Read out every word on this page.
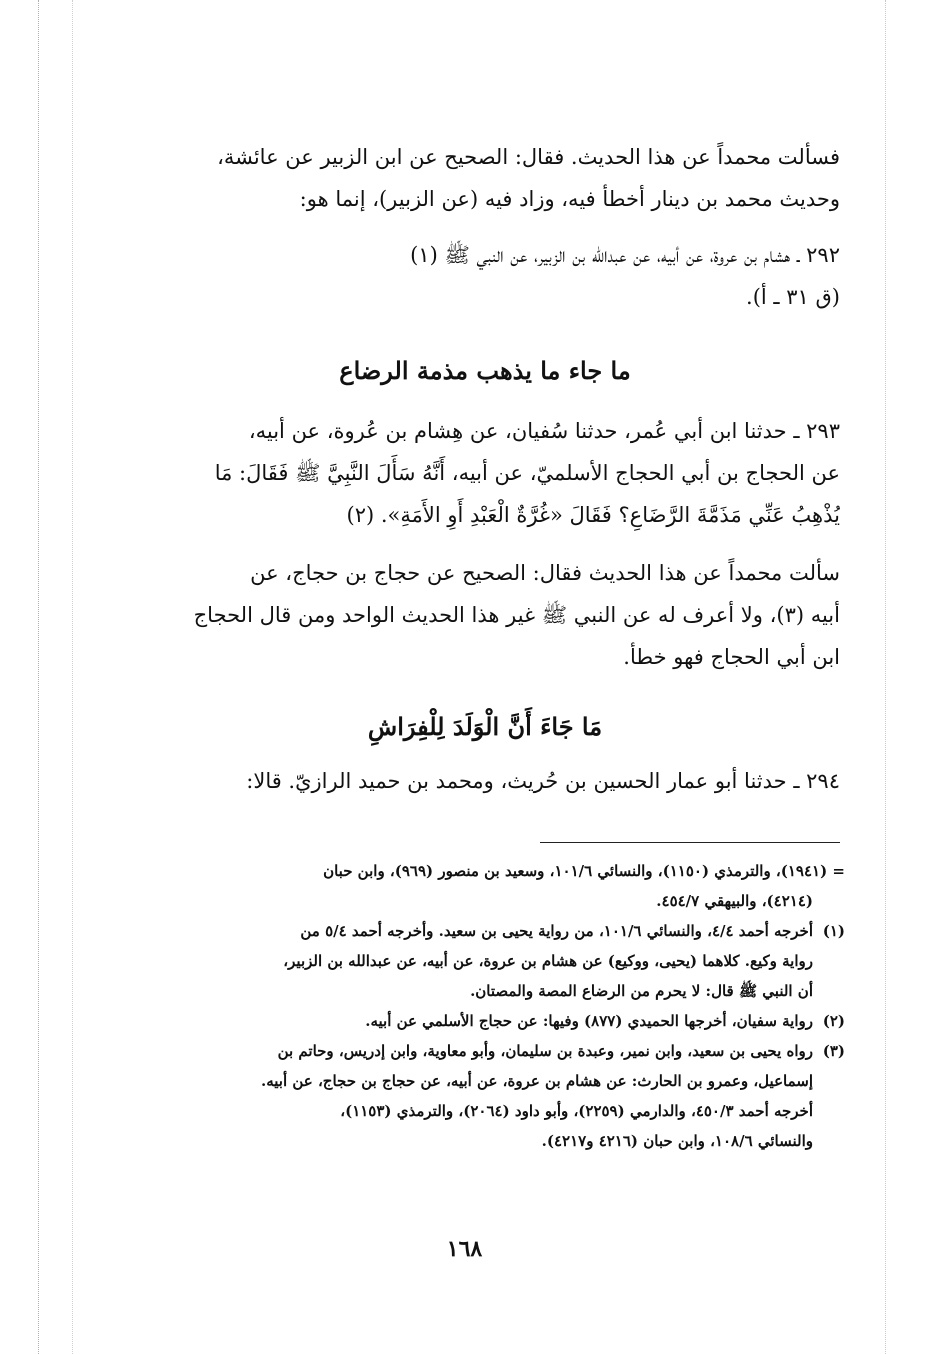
فسألت محمداً عن هذا الحديث. فقال: الصحيح عن ابن الزبير عن عائشة،
وحديث محمد بن دينار أخطأ فيه، وزاد فيه (عن الزبير)، إنما هو:
٢٩٢ ـ هشام بن عروة، عن أبيه، عن عبدالله بن الزبير، عن النبي ﷺ (١)
(ق ٣١ ـ أ).
ما جاء ما يذهب مذمة الرضاع
٢٩٣ ـ حدثنا ابن أبي عُمر، حدثنا سُفيان، عن هِشام بن عُروة، عن أبيه،
عن الحجاج بن أبي الحجاج الأسلميّ، عن أبيه، أَنَّهُ سَأَلَ النَّبِيَّ ﷺ فَقَالَ: مَا
يُذْهِبُ عَنِّي مَذَمَّةَ الرَّضَاعِ؟ فَقَالَ «غُرَّةٌ الْعَبْدِ أَوِ الأَمَةِ». (٢)
سألت محمداً عن هذا الحديث فقال: الصحيح عن حجاج بن حجاج، عن
أبيه (٣)، ولا أعرف له عن النبي ﷺ غير هذا الحديث الواحد ومن قال الحجاج
ابن أبي الحجاج فهو خطأ.
مَا جَاءَ أَنَّ الْوَلَدَ لِلْفِرَاشِ
٢٩٤ ـ حدثنا أبو عمار الحسين بن حُريث، ومحمد بن حميد الرازيّ. قالا:
= (١٩٤١)، والترمذي (١١٥٠)، والنسائي ١٠١/٦، وسعيد بن منصور (٩٦٩)، وابن حبان
(٤٢١٤)، والبيهقي ٤٥٤/٧.
(١)أخرجه أحمد ٤/٤، والنسائي ١٠١/٦، من رواية يحيى بن سعيد. وأخرجه أحمد ٥/٤ من
رواية وكيع. كلاهما (يحيى، ووكيع) عن هشام بن عروة، عن أبيه، عن عبدالله بن الزبير،
أن النبي ﷺ قال: لا يحرم من الرضاع المصة والمصتان.
(٢)رواية سفيان، أخرجها الحميدي (٨٧٧) وفيها: عن حجاج الأسلمي عن أبيه.
(٣)رواه يحيى بن سعيد، وابن نمير، وعبدة بن سليمان، وأبو معاوية، وابن إدريس، وحاتم بن
إسماعيل، وعمرو بن الحارث: عن هشام بن عروة، عن أبيه، عن حجاج بن حجاج، عن أبيه.
أخرجه أحمد ٤٥٠/٣، والدارمي (٢٢٥٩)، وأبو داود (٢٠٦٤)، والترمذي (١١٥٣)،
والنسائي ١٠٨/٦، وابن حبان (٤٢١٦ و٤٢١٧).
١٦٨
